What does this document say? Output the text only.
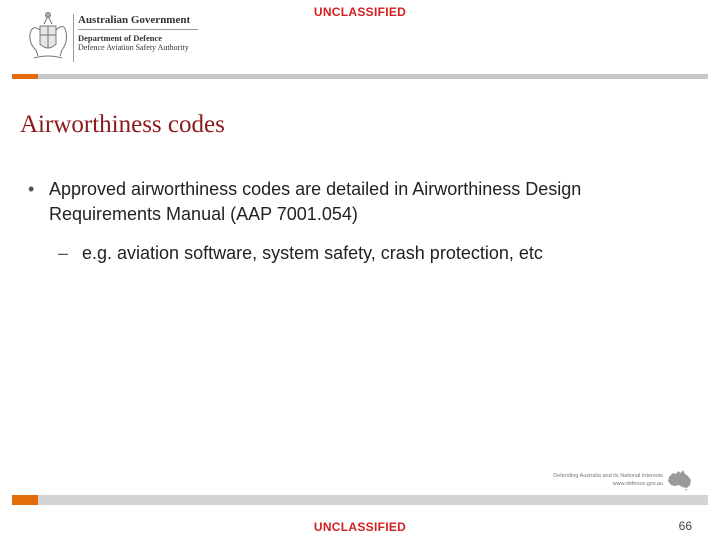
UNCLASSIFIED
Australian Government
Department of Defence
Defence Aviation Safety Authority
Airworthiness codes
• Approved airworthiness codes are detailed in Airworthiness Design Requirements Manual (AAP 7001.054)
– e.g. aviation software, system safety, crash protection, etc
Defending Australia and its National Interests
www.defence.gov.au
UNCLASSIFIED	66
